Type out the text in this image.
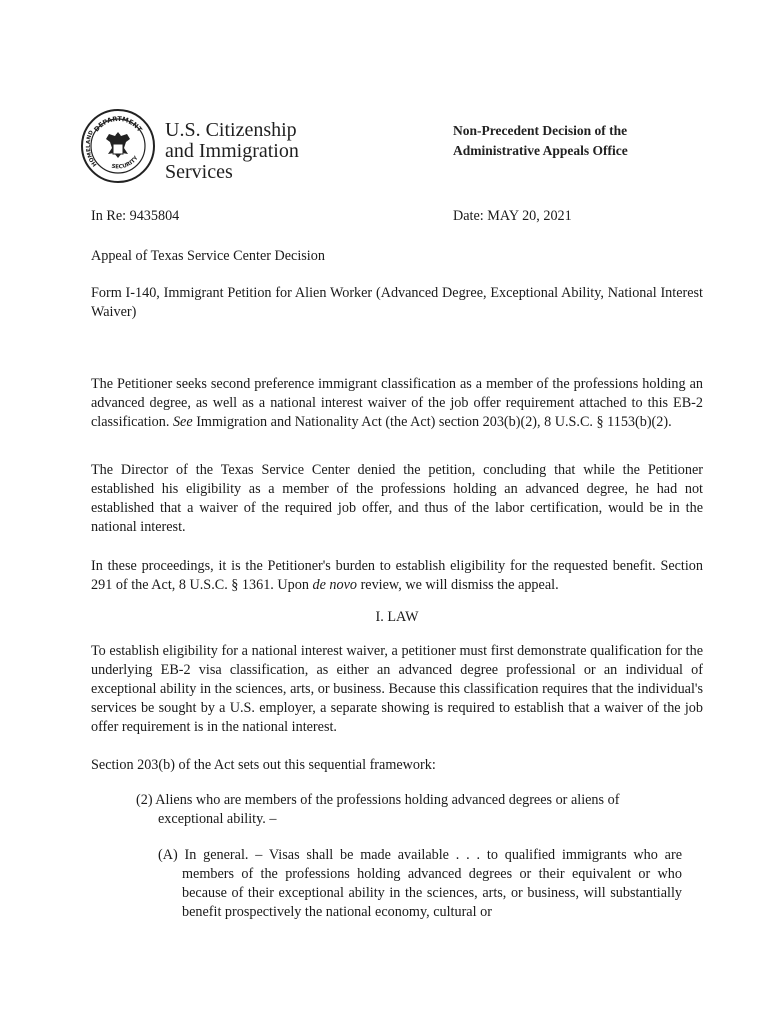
DEPARTMENT
HOMELAND
SECURITY
U.S. Citizenship
and Immigration
Services
Non-Precedent Decision of the
Administrative Appeals Office
In Re: 9435804	Date: MAY 20, 2021
Appeal of Texas Service Center Decision

Form I-140, Immigrant Petition for Alien Worker (Advanced Degree, Exceptional Ability, National Interest Waiver)

The Petitioner seeks second preference immigrant classification as a member of the professions holding an advanced degree, as well as a national interest waiver of the job offer requirement attached to this EB-2 classification. See Immigration and Nationality Act (the Act) section 203(b)(2), 8 U.S.C. § 1153(b)(2).

The Director of the Texas Service Center denied the petition, concluding that while the Petitioner established his eligibility as a member of the professions holding an advanced degree, he had not established that a waiver of the required job offer, and thus of the labor certification, would be in the national interest.

In these proceedings, it is the Petitioner's burden to establish eligibility for the requested benefit. Section 291 of the Act, 8 U.S.C. § 1361. Upon de novo review, we will dismiss the appeal.

I. LAW

To establish eligibility for a national interest waiver, a petitioner must first demonstrate qualification for the underlying EB-2 visa classification, as either an advanced degree professional or an individual of exceptional ability in the sciences, arts, or business. Because this classification requires that the individual's services be sought by a U.S. employer, a separate showing is required to establish that a waiver of the job offer requirement is in the national interest.

Section 203(b) of the Act sets out this sequential framework:

(2) Aliens who are members of the professions holding advanced degrees or aliens of exceptional ability. –

(A) In general. – Visas shall be made available . . . to qualified immigrants who are members of the professions holding advanced degrees or their equivalent or who because of their exceptional ability in the sciences, arts, or business, will substantially benefit prospectively the national economy, cultural or
